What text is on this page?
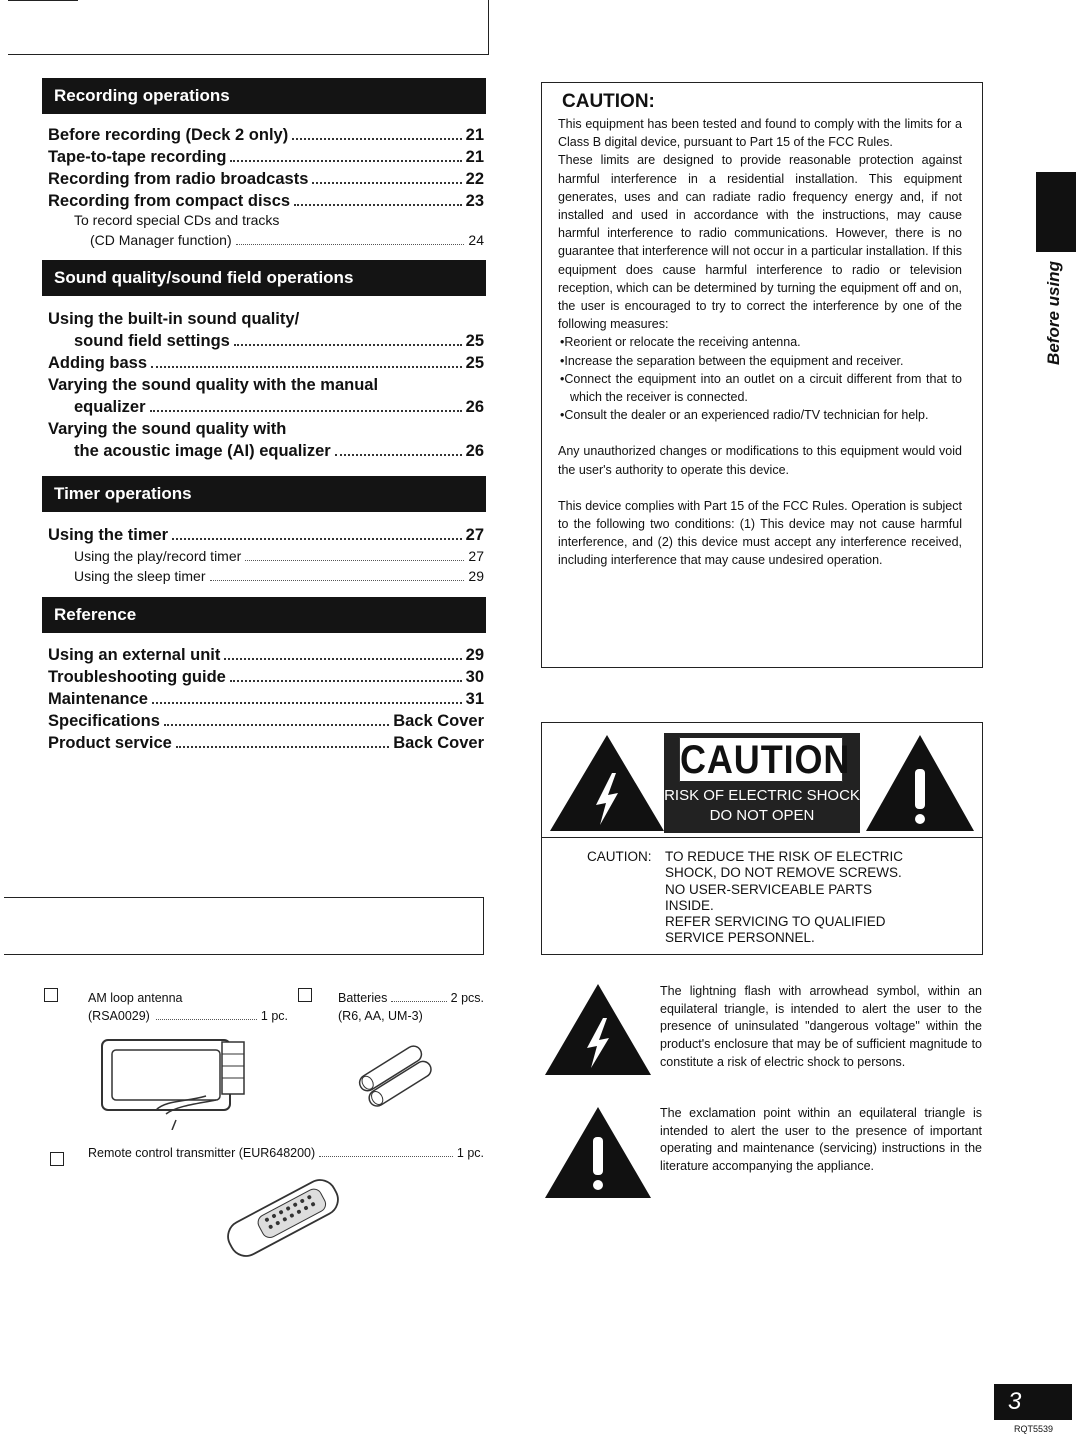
Recording operations
Before recording (Deck 2 only)	21
Tape-to-tape recording	21
Recording from radio broadcasts	22
Recording from compact discs	23
To record special CDs and tracks
(CD Manager function)	24
Sound quality/sound field operations
Using the built-in sound quality/
sound field settings	25
Adding bass	25
Varying the sound quality with the manual
equalizer	26
Varying the sound quality with
the acoustic image (AI) equalizer	26
Timer operations
Using the timer	27
Using the play/record timer	27
Using the sleep timer	29
Reference
Using an external unit	29
Troubleshooting guide	30
Maintenance	31
Specifications	Back Cover
Product service	Back Cover
CAUTION:

This equipment has been tested and found to comply with the limits for a Class B digital device, pursuant to Part 15 of the FCC Rules.

These limits are designed to provide reasonable protection against harmful interference in a residential installation. This equipment generates, uses and can radiate radio frequency energy and, if not installed and used in accordance with the instructions, may cause harmful interference to radio communications. However, there is no guarantee that interference will not occur in a particular installation. If this equipment does cause harmful interference to radio or television reception, which can be determined by turning the equipment off and on, the user is encouraged to try to correct the interference by one of the following measures:

•Reorient or relocate the receiving antenna.

•Increase the separation between the equipment and receiver.

•Connect the equipment into an outlet on a circuit different from that to which the receiver is connected.

•Consult the dealer or an experienced radio/TV technician for help.

Any unauthorized changes or modifications to this equipment would void the user's authority to operate this device.

This device complies with Part 15 of the FCC Rules. Operation is subject to the following two conditions: (1) This device may not cause harmful interference, and (2) this device must accept any interference received, including interference that may cause undesired operation.

CAUTION
RISK OF ELECTRIC SHOCK
DO NOT OPEN
CAUTION: TO REDUCE THE RISK OF ELECTRIC
SHOCK, DO NOT REMOVE SCREWS.
NO USER-SERVICEABLE PARTS
INSIDE.
REFER SERVICING TO QUALIFIED
SERVICE PERSONNEL.
The lightning flash with arrowhead symbol, within an equilateral triangle, is intended to alert the user to the presence of uninsulated "dangerous voltage" within the product's enclosure that may be of sufficient magnitude to constitute a risk of electric shock to persons.
The exclamation point within an equilateral triangle is intended to alert the user to the presence of important operating and maintenance (servicing) instructions in the literature accompanying the appliance.
AM loop antenna
(RSA0029)	1 pc.
Batteries	2 pcs.
(R6, AA, UM-3)
Remote control transmitter (EUR648200)	1 pc.
Before using
3
RQT5539
